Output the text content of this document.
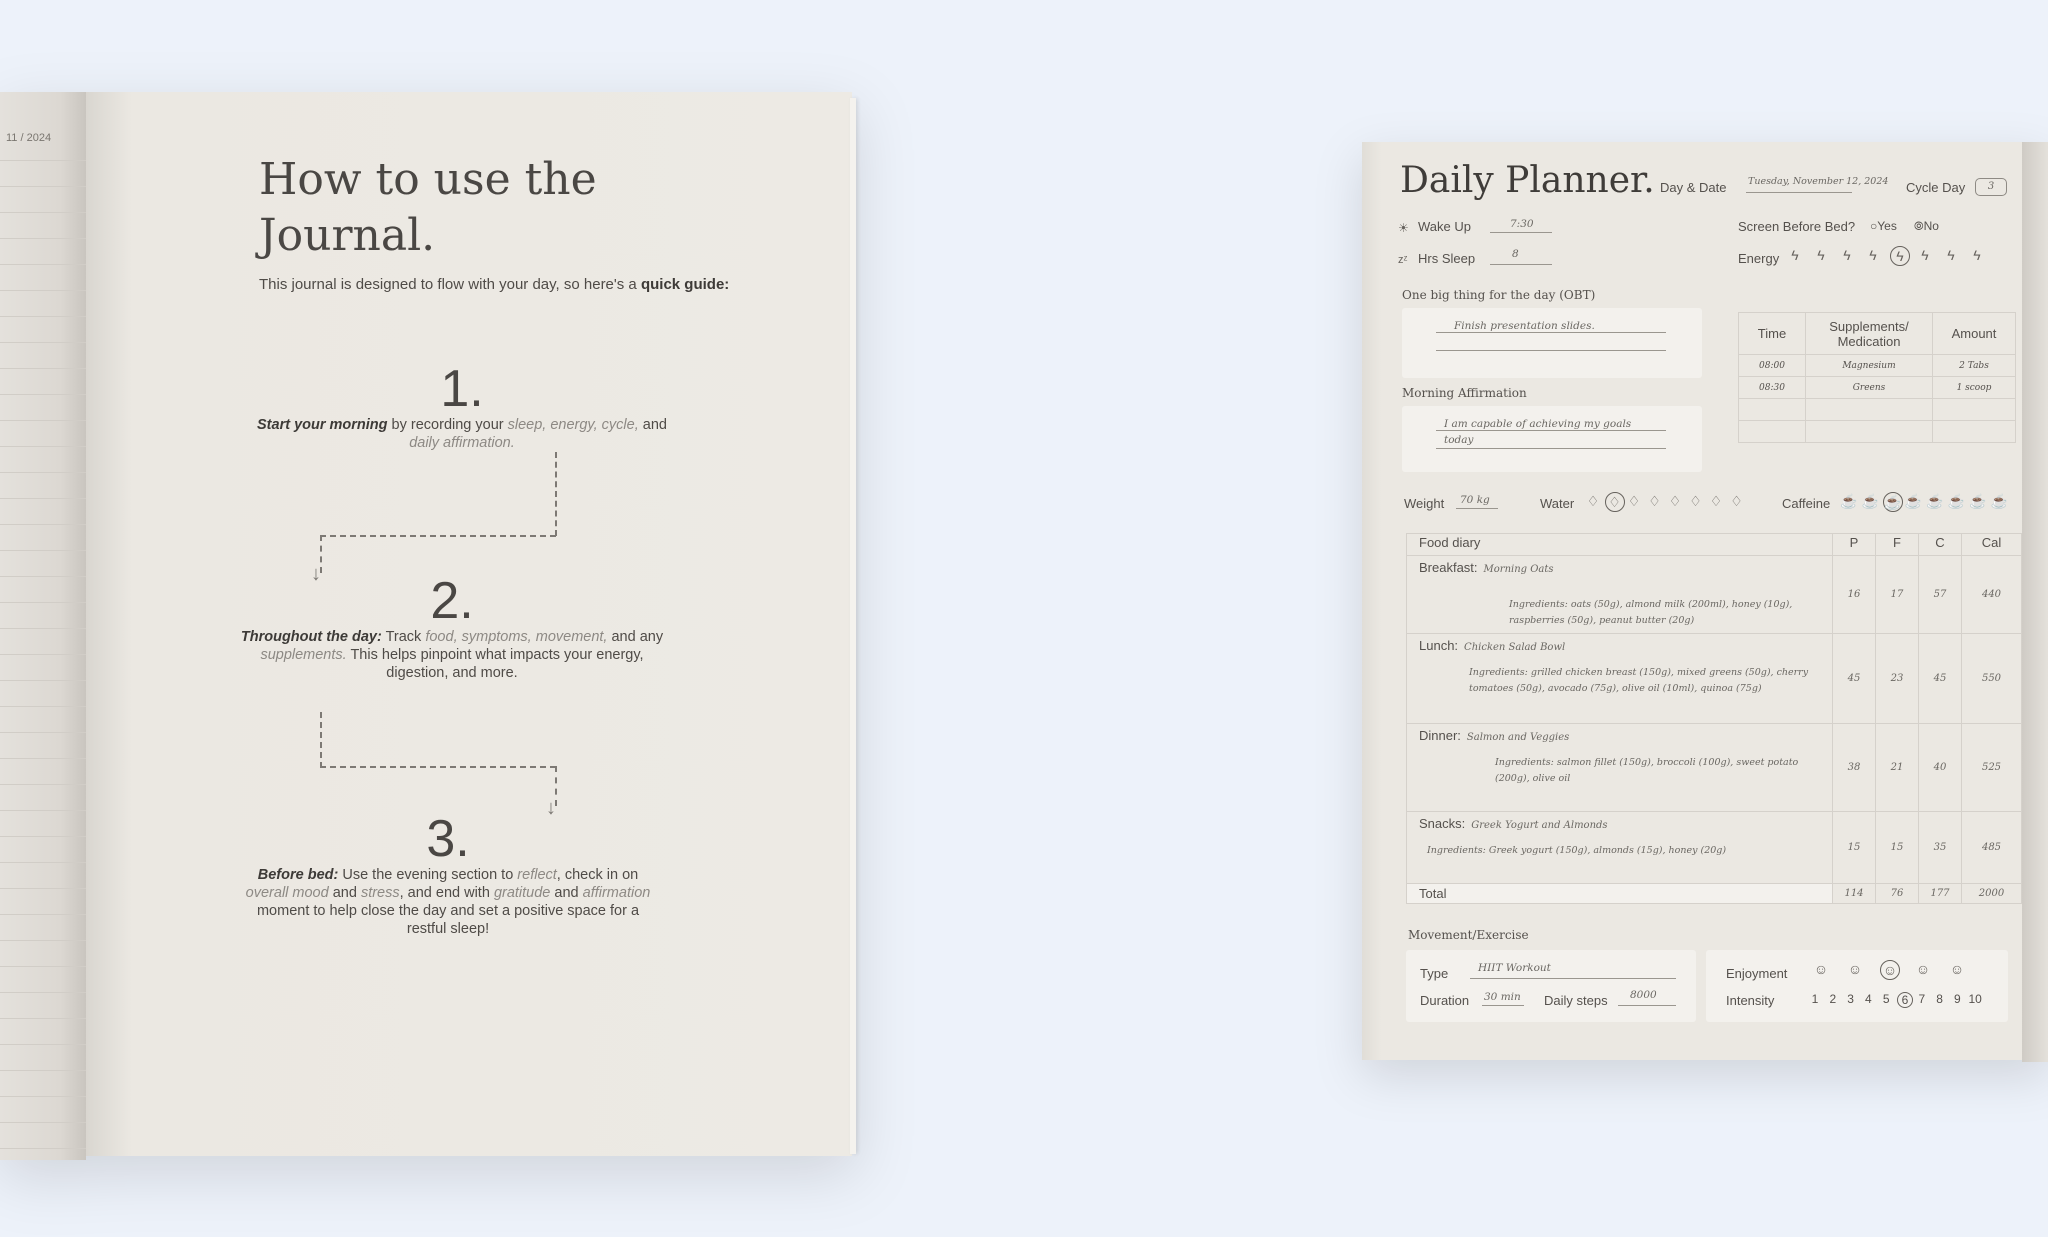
11 / 2024
How to use the
Journal.
This journal is designed to flow with your day, so here's a quick guide:
1.
Start your morning by recording your sleep, energy, cycle, and daily affirmation.
↓	2.
Throughout the day: Track food, symptoms, movement, and any supplements. This helps pinpoint what impacts your energy, digestion, and more.
↓
3.
Before bed: Use the evening section to reflect, check in on overall mood and stress, and end with gratitude and affirmation moment to help close the day and set a positive space for a restful sleep!
Daily Planner. Day & Date Tuesday, November 12, 2024 Cycle Day	3
☀ Wake Up	7:30
zᶻ Hrs Sleep	8
Screen Before Bed? ○Yes ⦾No
Energy ϟ	ϟ	ϟ	ϟ	ϟ	ϟ	ϟ	ϟ
One big thing for the day (OBT)
Finish presentation slides.
Morning Affirmation
I am capable of achieving my goals
today
Time	Supplements/ Medication	Amount
08:00	Magnesium	2 Tabs
08:30	Greens	1 scoop

Weight 70 kg	Water ♢ ♢ ♢ ♢ ♢ ♢ ♢ ♢	Caffeine ☕ ☕ ☕ ☕ ☕ ☕ ☕ ☕
Food diary	P	F	C	Cal

Breakfast: Morning Oats
Ingredients: oats (50g), almond milk (200ml), honey (10g), raspberries (50g), peanut butter (20g)	16	17	57	440

Lunch: Chicken Salad Bowl
Ingredients: grilled chicken breast (150g), mixed greens (50g), cherry tomatoes (50g), avocado (75g), olive oil (10ml), quinoa (75g)	45	23	45	550

Dinner: Salmon and Veggies
Ingredients: salmon fillet (150g), broccoli (100g), sweet potato (200g), olive oil	38	21	40	525

Snacks: Greek Yogurt and Almonds
Ingredients: Greek yogurt (150g), almonds (15g), honey (20g)	15	15	35	485
Total	114	76	177	2000
Movement/Exercise
Type	HIIT Workout
Duration 30 min Daily steps 8000
Enjoyment ☺ ☺ ☺ ☺ ☺
Intensity	1 2 3 4 5	6 7 8 9 10
